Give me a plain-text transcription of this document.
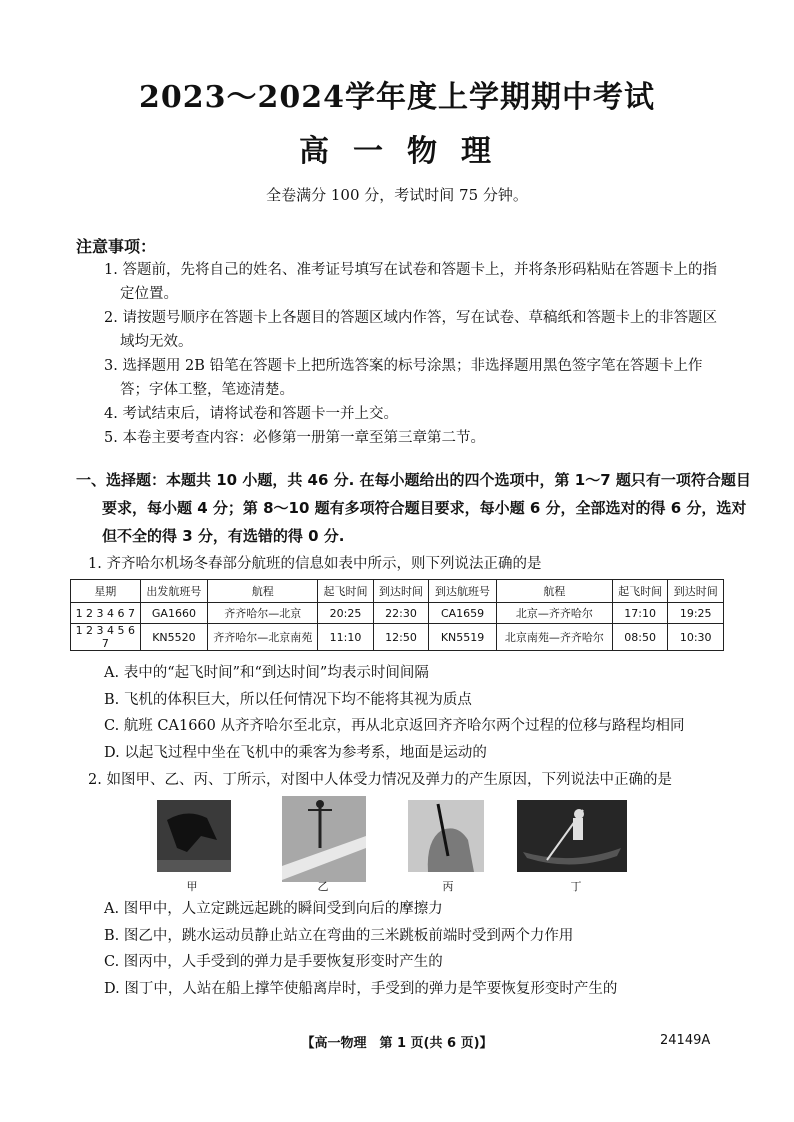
2023～2024学年度上学期期中考试
高一物理
全卷满分 100 分，考试时间 75 分钟。
注意事项：

1. 答题前，先将自己的姓名、准考证号填写在试卷和答题卡上，并将条形码粘贴在答题卡上的指定位置。

2. 请按题号顺序在答题卡上各题目的答题区域内作答，写在试卷、草稿纸和答题卡上的非答题区域均无效。

3. 选择题用 2B 铅笔在答题卡上把所选答案的标号涂黑；非选择题用黑色签字笔在答题卡上作答；字体工整，笔迹清楚。

4. 考试结束后，请将试卷和答题卡一并上交。

5. 本卷主要考查内容：必修第一册第一章至第三章第二节。

一、选择题：本题共 10 小题，共 46 分. 在每小题给出的四个选项中，第 1～7 题只有一项符合题目要求，每小题 4 分；第 8～10 题有多项符合题目要求，每小题 6 分，全部选对的得 6 分，选对但不全的得 3 分，有选错的得 0 分.
1. 齐齐哈尔机场冬春部分航班的信息如表中所示，则下列说法正确的是
星期	出发航班号	航程	起飞时间	到达时间	到达航班号	航程	起飞时间	到达时间
1 2 3 4 6 7	GA1660	齐齐哈尔—北京	20:25	22:30	CA1659	北京—齐齐哈尔	17:10	19:25
1 2 3 4 5 6 7	KN5520	齐齐哈尔—北京南苑	11:10	12:50	KN5519	北京南苑—齐齐哈尔	08:50	10:30
A. 表中的“起飞时间”和“到达时间”均表示时间间隔
B. 飞机的体积巨大，所以任何情况下均不能将其视为质点
C. 航班 CA1660 从齐齐哈尔至北京，再从北京返回齐齐哈尔两个过程的位移与路程均相同
D. 以起飞过程中坐在飞机中的乘客为参考系，地面是运动的
2. 如图甲、乙、丙、丁所示，对图中人体受力情况及弹力的产生原因，下列说法中正确的是
甲	乙	丙	丁
A. 图甲中，人立定跳远起跳的瞬间受到向后的摩擦力
B. 图乙中，跳水运动员静止站立在弯曲的三米跳板前端时受到两个力作用
C. 图丙中，人手受到的弹力是手要恢复形变时产生的
D. 图丁中，人站在船上撑竿使船离岸时，手受到的弹力是竿要恢复形变时产生的
【高一物理　第 1 页(共 6 页)】	24149A
